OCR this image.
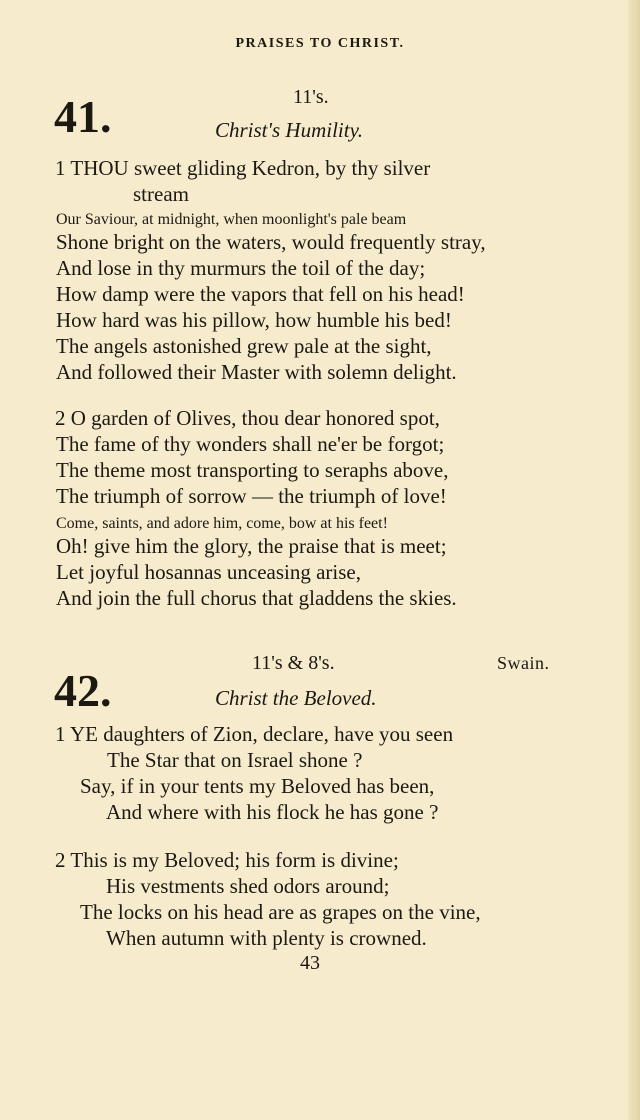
PRAISES TO CHRIST.
41.	11's.
Christ's Humility.
1 THOU sweet gliding Kedron, by thy silver
stream
Our Saviour, at midnight, when moonlight's pale beam
Shone bright on the waters, would frequently stray,
And lose in thy murmurs the toil of the day;
How damp were the vapors that fell on his head!
How hard was his pillow, how humble his bed!
The angels astonished grew pale at the sight,
And followed their Master with solemn delight.
2 O garden of Olives, thou dear honored spot,
The fame of thy wonders shall ne'er be forgot;
The theme most transporting to seraphs above,
The triumph of sorrow — the triumph of love!
Come, saints, and adore him, come, bow at his feet!
Oh! give him the glory, the praise that is meet;
Let joyful hosannas unceasing arise,
And join the full chorus that gladdens the skies.
42.
11's & 8's.	Swain.
Christ the Beloved.
1 YE daughters of Zion, declare, have you seen
The Star that on Israel shone ?
Say, if in your tents my Beloved has been,
And where with his flock he has gone ?
2 This is my Beloved; his form is divine;
His vestments shed odors around;
The locks on his head are as grapes on the vine,
When autumn with plenty is crowned.
43
